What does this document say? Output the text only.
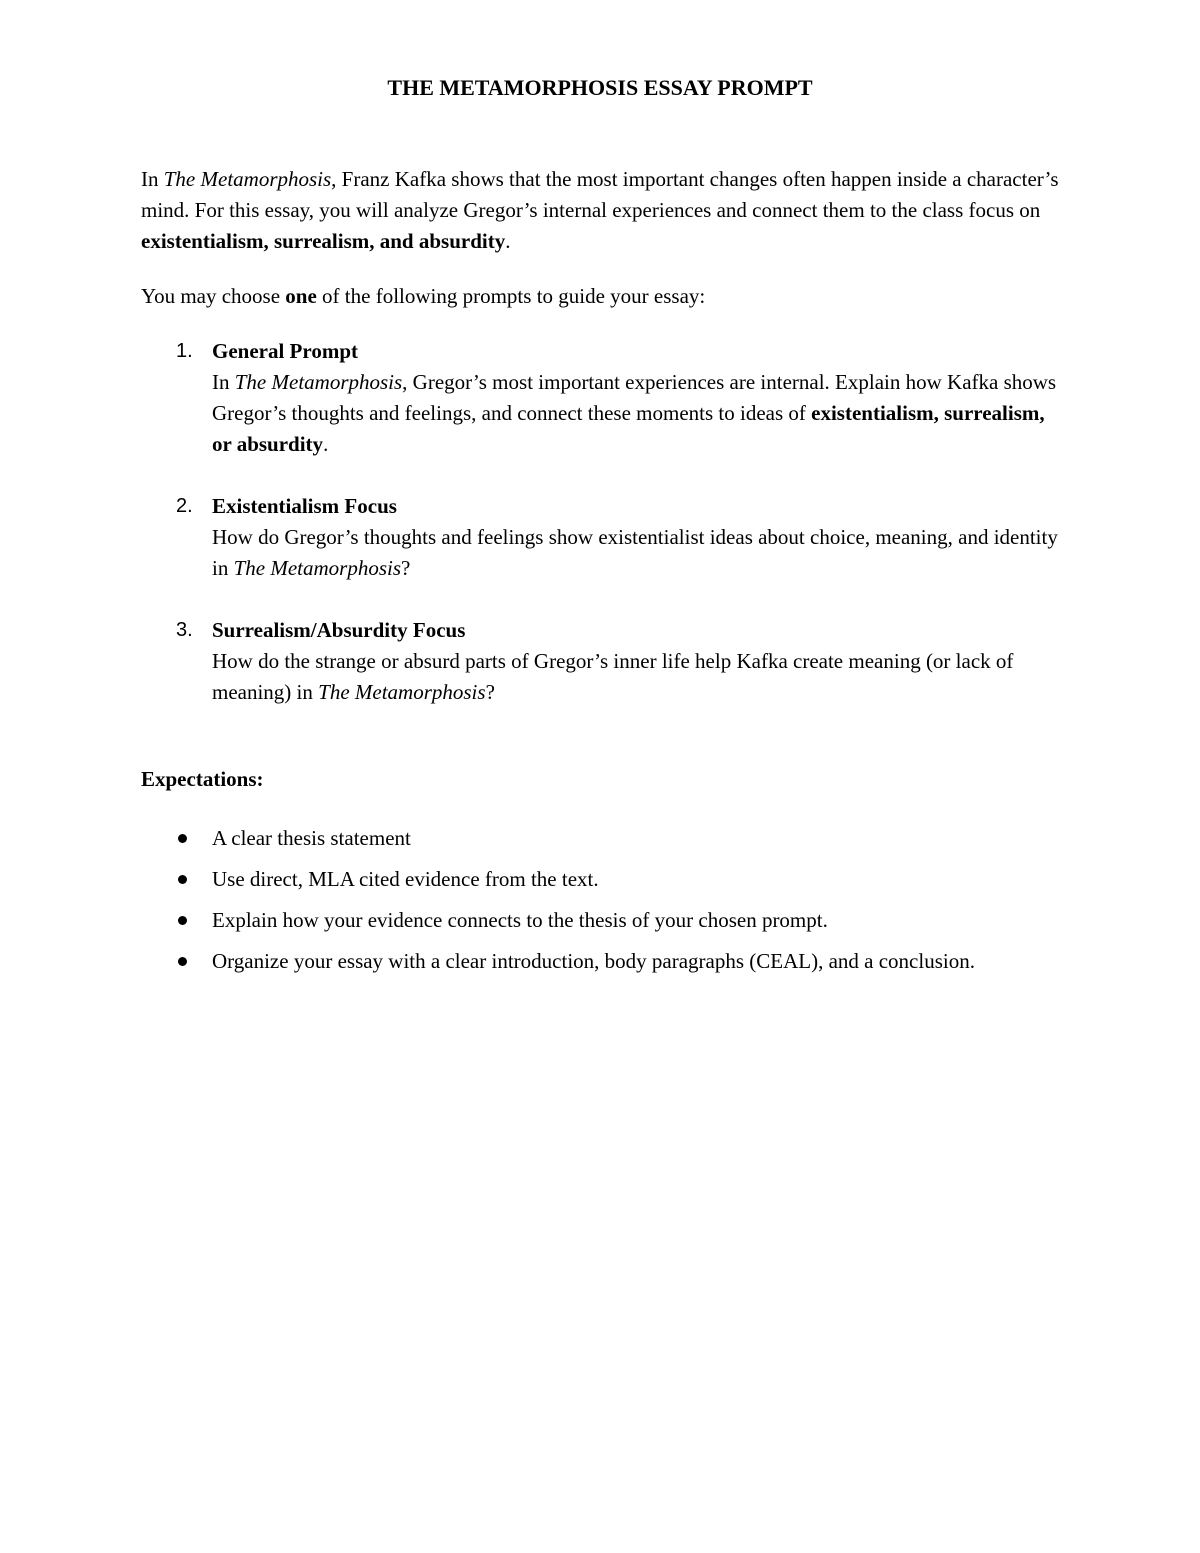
THE METAMORPHOSIS ESSAY PROMPT

In The Metamorphosis, Franz Kafka shows that the most important changes often happen inside a character’s mind. For this essay, you will analyze Gregor’s internal experiences and connect them to the class focus on existentialism, surrealism, and absurdity.

You may choose one of the following prompts to guide your essay:

1. General Prompt
In The Metamorphosis, Gregor’s most important experiences are internal. Explain how Kafka shows Gregor’s thoughts and feelings, and connect these moments to ideas of existentialism, surrealism, or absurdity.
2. Existentialism Focus
How do Gregor’s thoughts and feelings show existentialist ideas about choice, meaning, and identity in The Metamorphosis?
3. Surrealism/Absurdity Focus
How do the strange or absurd parts of Gregor’s inner life help Kafka create meaning (or lack of meaning) in The Metamorphosis?

Expectations:

A clear thesis statement
Use direct, MLA cited evidence from the text.
Explain how your evidence connects to the thesis of your chosen prompt.
Organize your essay with a clear introduction, body paragraphs (CEAL), and a conclusion.
